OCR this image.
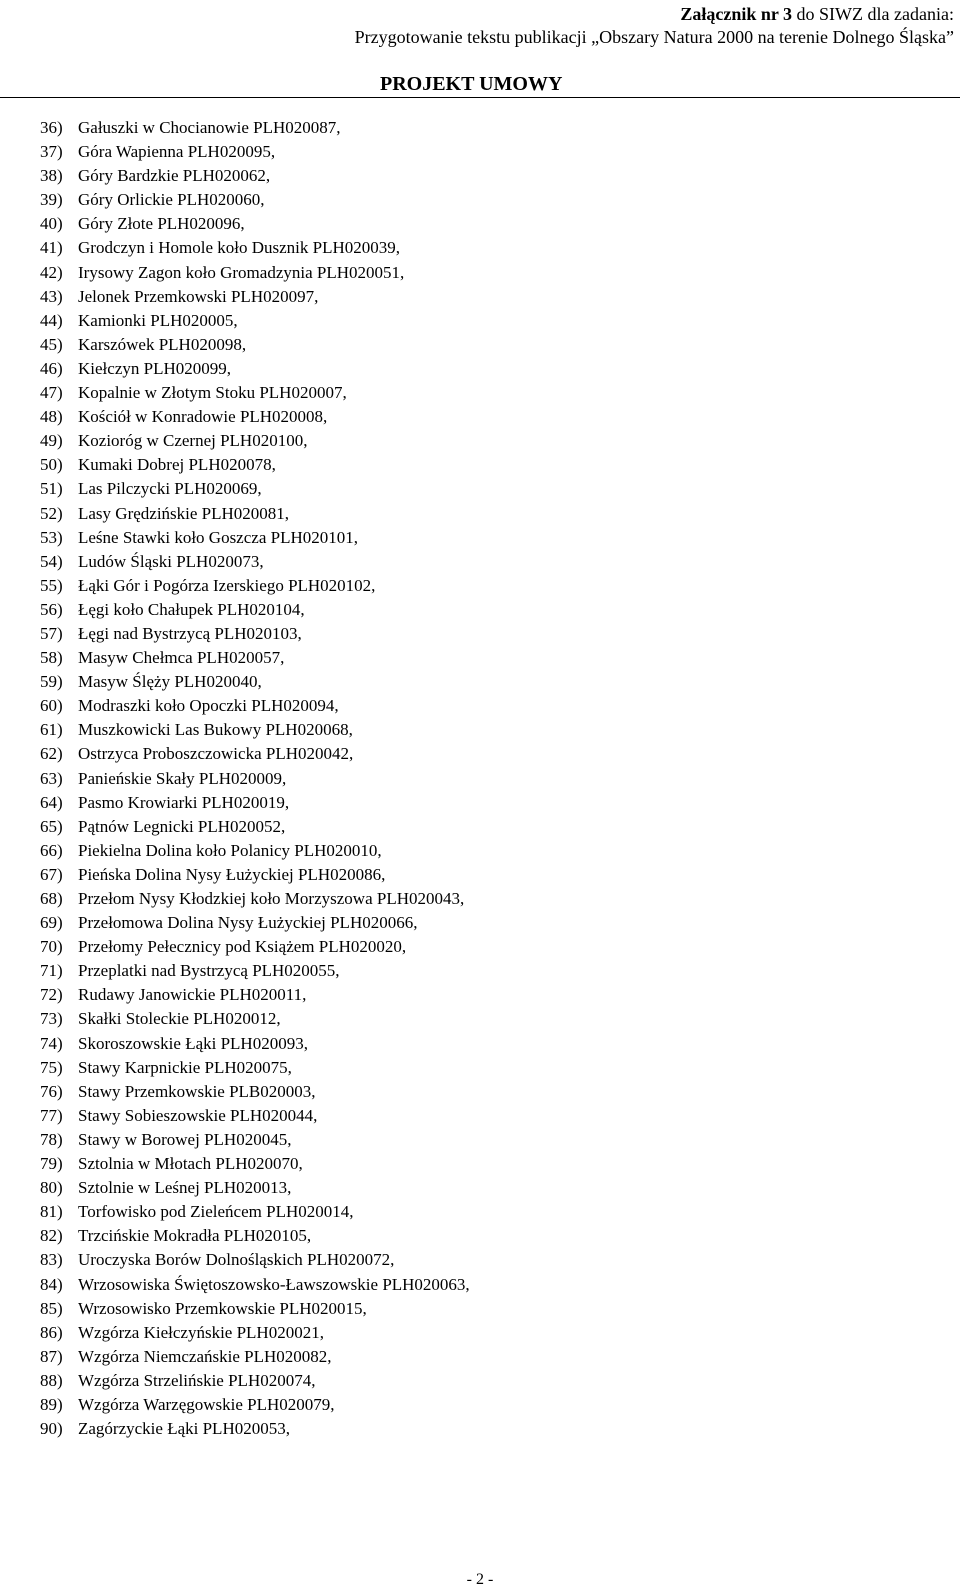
Załącznik nr 3 do SIWZ dla zadania:
Przygotowanie tekstu publikacji „Obszary Natura 2000 na terenie Dolnego Śląska”
PROJEKT UMOWY
36) Gałuszki w Chocianowie PLH020087,
37) Góra Wapienna PLH020095,
38) Góry Bardzkie PLH020062,
39) Góry Orlickie PLH020060,
40) Góry Złote PLH020096,
41) Grodczyn i Homole koło Dusznik PLH020039,
42) Irysowy Zagon koło Gromadzynia PLH020051,
43) Jelonek Przemkowski PLH020097,
44) Kamionki PLH020005,
45) Karszówek PLH020098,
46) Kiełczyn PLH020099,
47) Kopalnie w Złotym Stoku PLH020007,
48) Kościół w Konradowie PLH020008,
49) Kozioróg w Czernej PLH020100,
50) Kumaki Dobrej PLH020078,
51) Las Pilczycki PLH020069,
52) Lasy Grędzińskie PLH020081,
53) Leśne Stawki koło Goszcza PLH020101,
54) Ludów Śląski PLH020073,
55) Łąki Gór i Pogórza Izerskiego PLH020102,
56) Łęgi koło Chałupek PLH020104,
57) Łęgi nad Bystrzycą PLH020103,
58) Masyw Chełmca PLH020057,
59) Masyw Ślęży PLH020040,
60) Modraszki koło Opoczki PLH020094,
61) Muszkowicki Las Bukowy PLH020068,
62) Ostrzyca Proboszczowicka PLH020042,
63) Panieńskie Skały PLH020009,
64) Pasmo Krowiarki PLH020019,
65) Pątnów Legnicki PLH020052,
66) Piekielna Dolina koło Polanicy PLH020010,
67) Pieńska Dolina Nysy Łużyckiej PLH020086,
68) Przełom Nysy Kłodzkiej koło Morzyszowa PLH020043,
69) Przełomowa Dolina Nysy Łużyckiej PLH020066,
70) Przełomy Pełecznicy pod Książem PLH020020,
71) Przeplatki nad Bystrzycą PLH020055,
72) Rudawy Janowickie PLH020011,
73) Skałki Stoleckie PLH020012,
74) Skoroszowskie Łąki PLH020093,
75) Stawy Karpnickie PLH020075,
76) Stawy Przemkowskie PLB020003,
77) Stawy Sobieszowskie PLH020044,
78) Stawy w Borowej PLH020045,
79) Sztolnia w Młotach PLH020070,
80) Sztolnie w Leśnej PLH020013,
81) Torfowisko pod Zieleńcem PLH020014,
82) Trzcińskie Mokradła PLH020105,
83) Uroczyska Borów Dolnośląskich PLH020072,
84) Wrzosowiska Świętoszowsko-Ławszowskie PLH020063,
85) Wrzosowisko Przemkowskie PLH020015,
86) Wzgórza Kiełczyńskie PLH020021,
87) Wzgórza Niemczańskie PLH020082,
88) Wzgórza Strzelińskie PLH020074,
89) Wzgórza Warzęgowskie PLH020079,
90) Zagórzyckie Łąki PLH020053,
- 2 -
